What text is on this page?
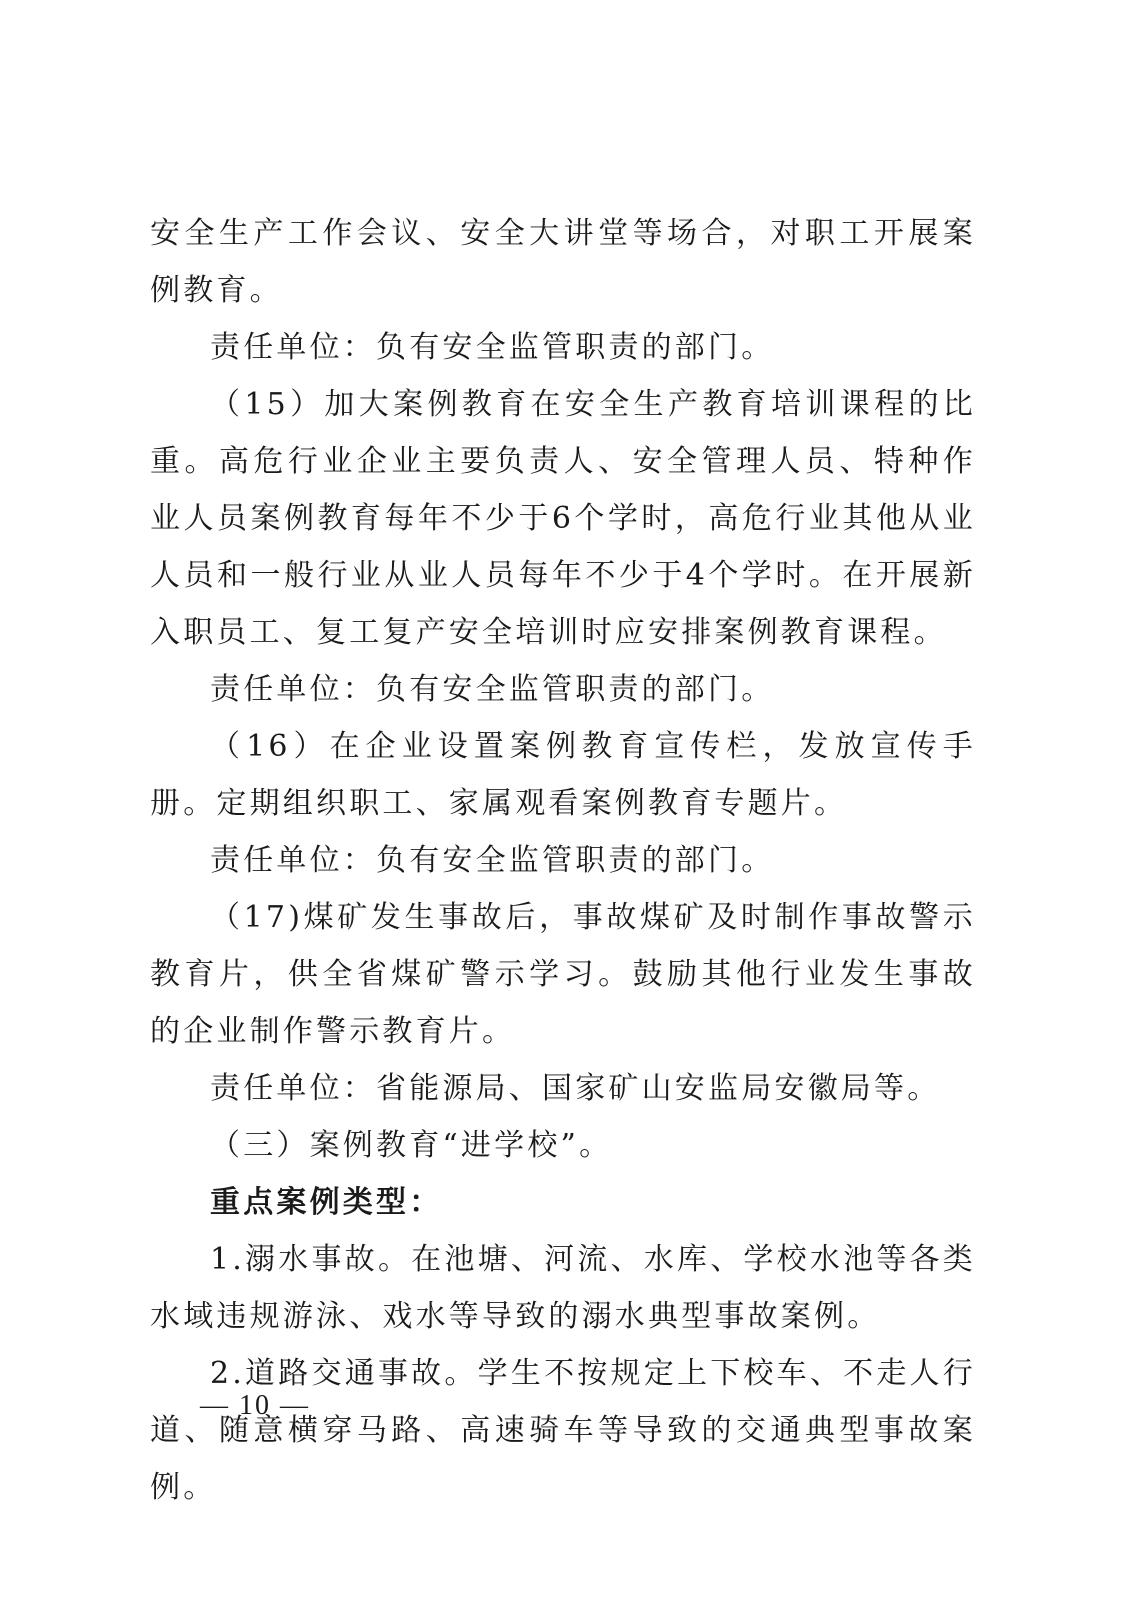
安全生产工作会议、安全大讲堂等场合，对职工开展案例教育。

责任单位：负有安全监管职责的部门。

（15）加大案例教育在安全生产教育培训课程的比重。高危行业企业主要负责人、安全管理人员、特种作业人员案例教育每年不少于6个学时，高危行业其他从业人员和一般行业从业人员每年不少于4个学时。在开展新入职员工、复工复产安全培训时应安排案例教育课程。

责任单位：负有安全监管职责的部门。

（16）在企业设置案例教育宣传栏，发放宣传手册。定期组织职工、家属观看案例教育专题片。

责任单位：负有安全监管职责的部门。

（17)煤矿发生事故后，事故煤矿及时制作事故警示教育片，供全省煤矿警示学习。鼓励其他行业发生事故的企业制作警示教育片。

责任单位：省能源局、国家矿山安监局安徽局等。

（三）案例教育“进学校”。

重点案例类型：

1.溺水事故。在池塘、河流、水库、学校水池等各类水域违规游泳、戏水等导致的溺水典型事故案例。

2.道路交通事故。学生不按规定上下校车、不走人行道、随意横穿马路、高速骑车等导致的交通典型事故案例。

— 10 —
